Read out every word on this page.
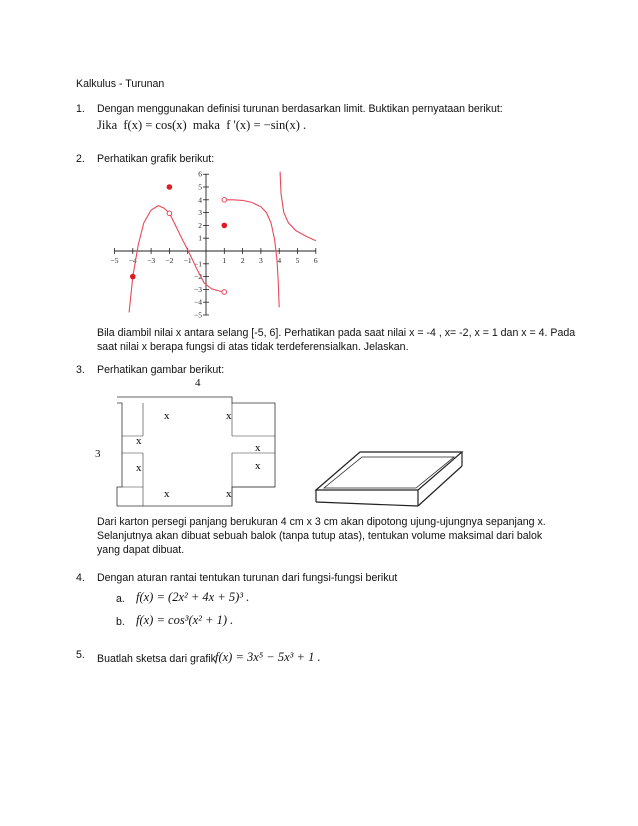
Kalkulus - Turunan
1. Dengan menggunakan definisi turunan berdasarkan limit. Buktikan pernyataan berikut:
Jika  f(x) = cos(x)  maka  f '(x) = −sin(x) .
2. Perhatikan grafik berikut:
−5 −4 −3 −2 −1	1 2 3 4 5 6
−5
−4
−3
−2
−1
1
2
3
4
5
6
Bila diambil nilai x antara selang [-5, 6]. Perhatikan pada saat nilai x = -4 , x= -2, x = 1 dan x = 4. Pada
saat nilai x berapa fungsi di atas tidak terdeferensialkan. Jelaskan.
3. Perhatikan gambar berikut:
4
3
x	x
x
x
x	x
x	x
Dari karton persegi panjang berukuran 4 cm x 3 cm akan dipotong ujung-ujungnya sepanjang x.
Selanjutnya akan dibuat sebuah balok (tanpa tutup atas), tentukan volume maksimal dari balok
yang dapat dibuat.
4. Dengan aturan rantai tentukan turunan dari fungsi-fungsi berikut
a. f(x) = (2x² + 4x + 5)³ .
b. f(x) = cos³(x² + 1) .
5. Buatlah sketsa dari grafik f(x) = 3x⁵ − 5x³ + 1 .
